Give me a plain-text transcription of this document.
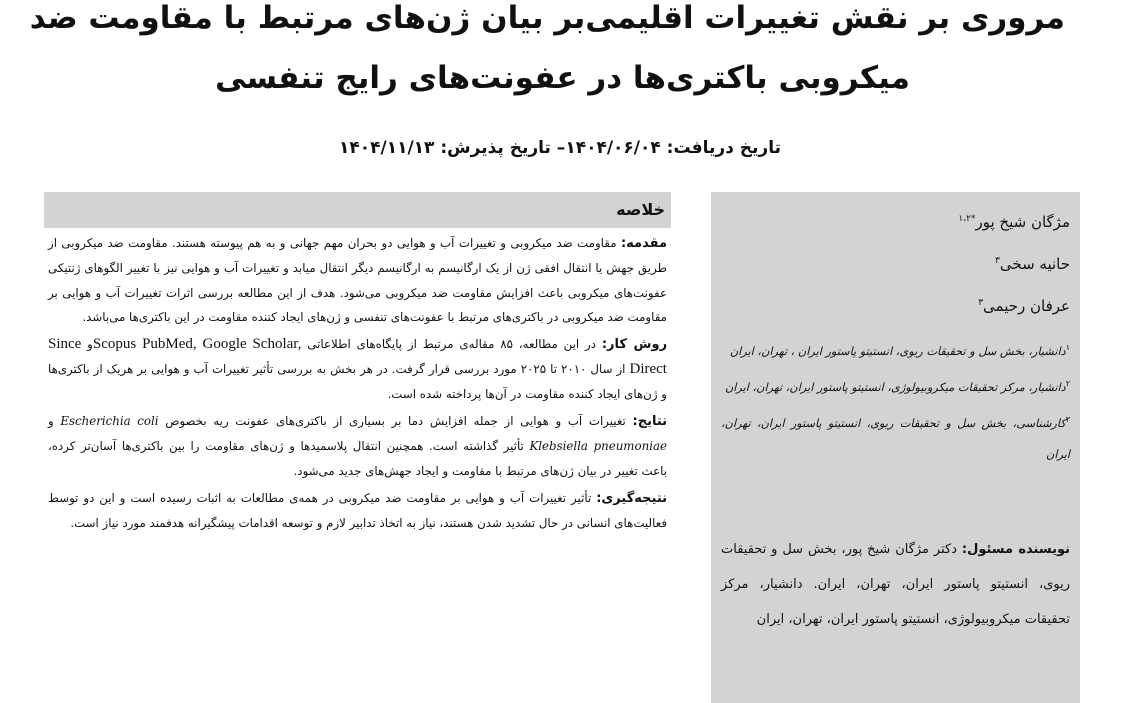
مروری بر نقش تغییرات اقلیمی‌بر بیان ژن‌های مرتبط با مقاومت ضد
میکروبی باکتری‌ها در عفونت‌های رایج تنفسی
تاریخ دریافت: ۱۴۰۴/۰۶/۰۴– تاریخ پذیرش: ۱۴۰۴/۱۱/۱۳
خلاصه

مقدمه: مقاومت ضد میکروبی و تغییرات آب و هوایی دو بحران مهم جهانی و به هم پیوسته هستند. مقاومت ضد میکروبی از طریق جهش یا انتقال افقی ژن از یک ارگانیسم به ارگانیسم دیگر انتقال میابد و تغییرات آب و هوایی نیز با تغییر الگوهای ژنتیکی عفونت‌های میکروبی باعث افزایش مقاومت ضد میکروبی می‌شود. هدف از این مطالعه بررسی اثرات تغییرات آب و هوایی بر مقاومت ضد میکروبی در باکتری‌های مرتبط با عفونت‌های تنفسی و ژن‌های ایجاد کننده مقاومت در این باکتری‌ها می‌باشد.

روش کار: در این مطالعه، ۸۵ مقاله‌ی مرتبط از پایگاه‌های اطلاعاتی PubMed, Google Scholar, Scopusو Since Direct از سال ۲۰۱۰ تا ۲۰۲۵ مورد بررسی قرار گرفت. در هر بخش به بررسی تأثیر تغییرات آب و هوایی بر هریک از باکتری‌ها و ژن‌های ایجاد کننده مقاومت در آن‌ها پرداخته شده است.

نتایج: تغییرات آب و هوایی از جمله افزایش دما بر بسیاری از باکتری‌های عفونت ریه بخصوص Escherichia coli و Klebsiella pneumoniae تأثیر گذاشته است. همچنین انتقال پلاسمیدها و ژن‌های مقاومت را بین باکتری‌ها آسان‌تر کرده، باعث تغییر در بیان ژن‌های مرتبط با مقاومت و ایجاد جهش‌های جدید می‌شود.

نتیجه‌گیری: تأثیر تغییرات آب و هوایی بر مقاومت ضد میکروبی در همه‌ی مطالعات به اثبات رسیده است و این دو توسط فعالیت‌های انسانی در حال تشدید شدن هستند، نیاز به اتخاذ تدابیر لازم و توسعه اقدامات پیشگیرانه هدفمند مورد نیاز است.

مژگان شیخ پور$^{*۱،۲}$
حانیه سخی$^۳$
عرفان رحیمی$^۳$
$^۱$دانشیار، بخش سل و تحقیقات ریوی، انستیتو پاستور ایران ، تهران، ایران
$^۲$دانشیار، مرکز تحقیقات میکروبیولوژی، انستیتو پاستور ایران، تهران، ایران
$^۳$کارشناسی، بخش سل و تحقیقات ریوی، انستیتو پاستور ایران، تهران، ایران
نویسنده مسئول: دکتر مژگان شیخ پور، بخش سل و تحقیقات ریوی، انستیتو پاستور ایران، تهران، ایران. دانشیار، مرکز تحقیقات میکروبیولوژی، انستیتو پاستور ایران، تهران، ایران
